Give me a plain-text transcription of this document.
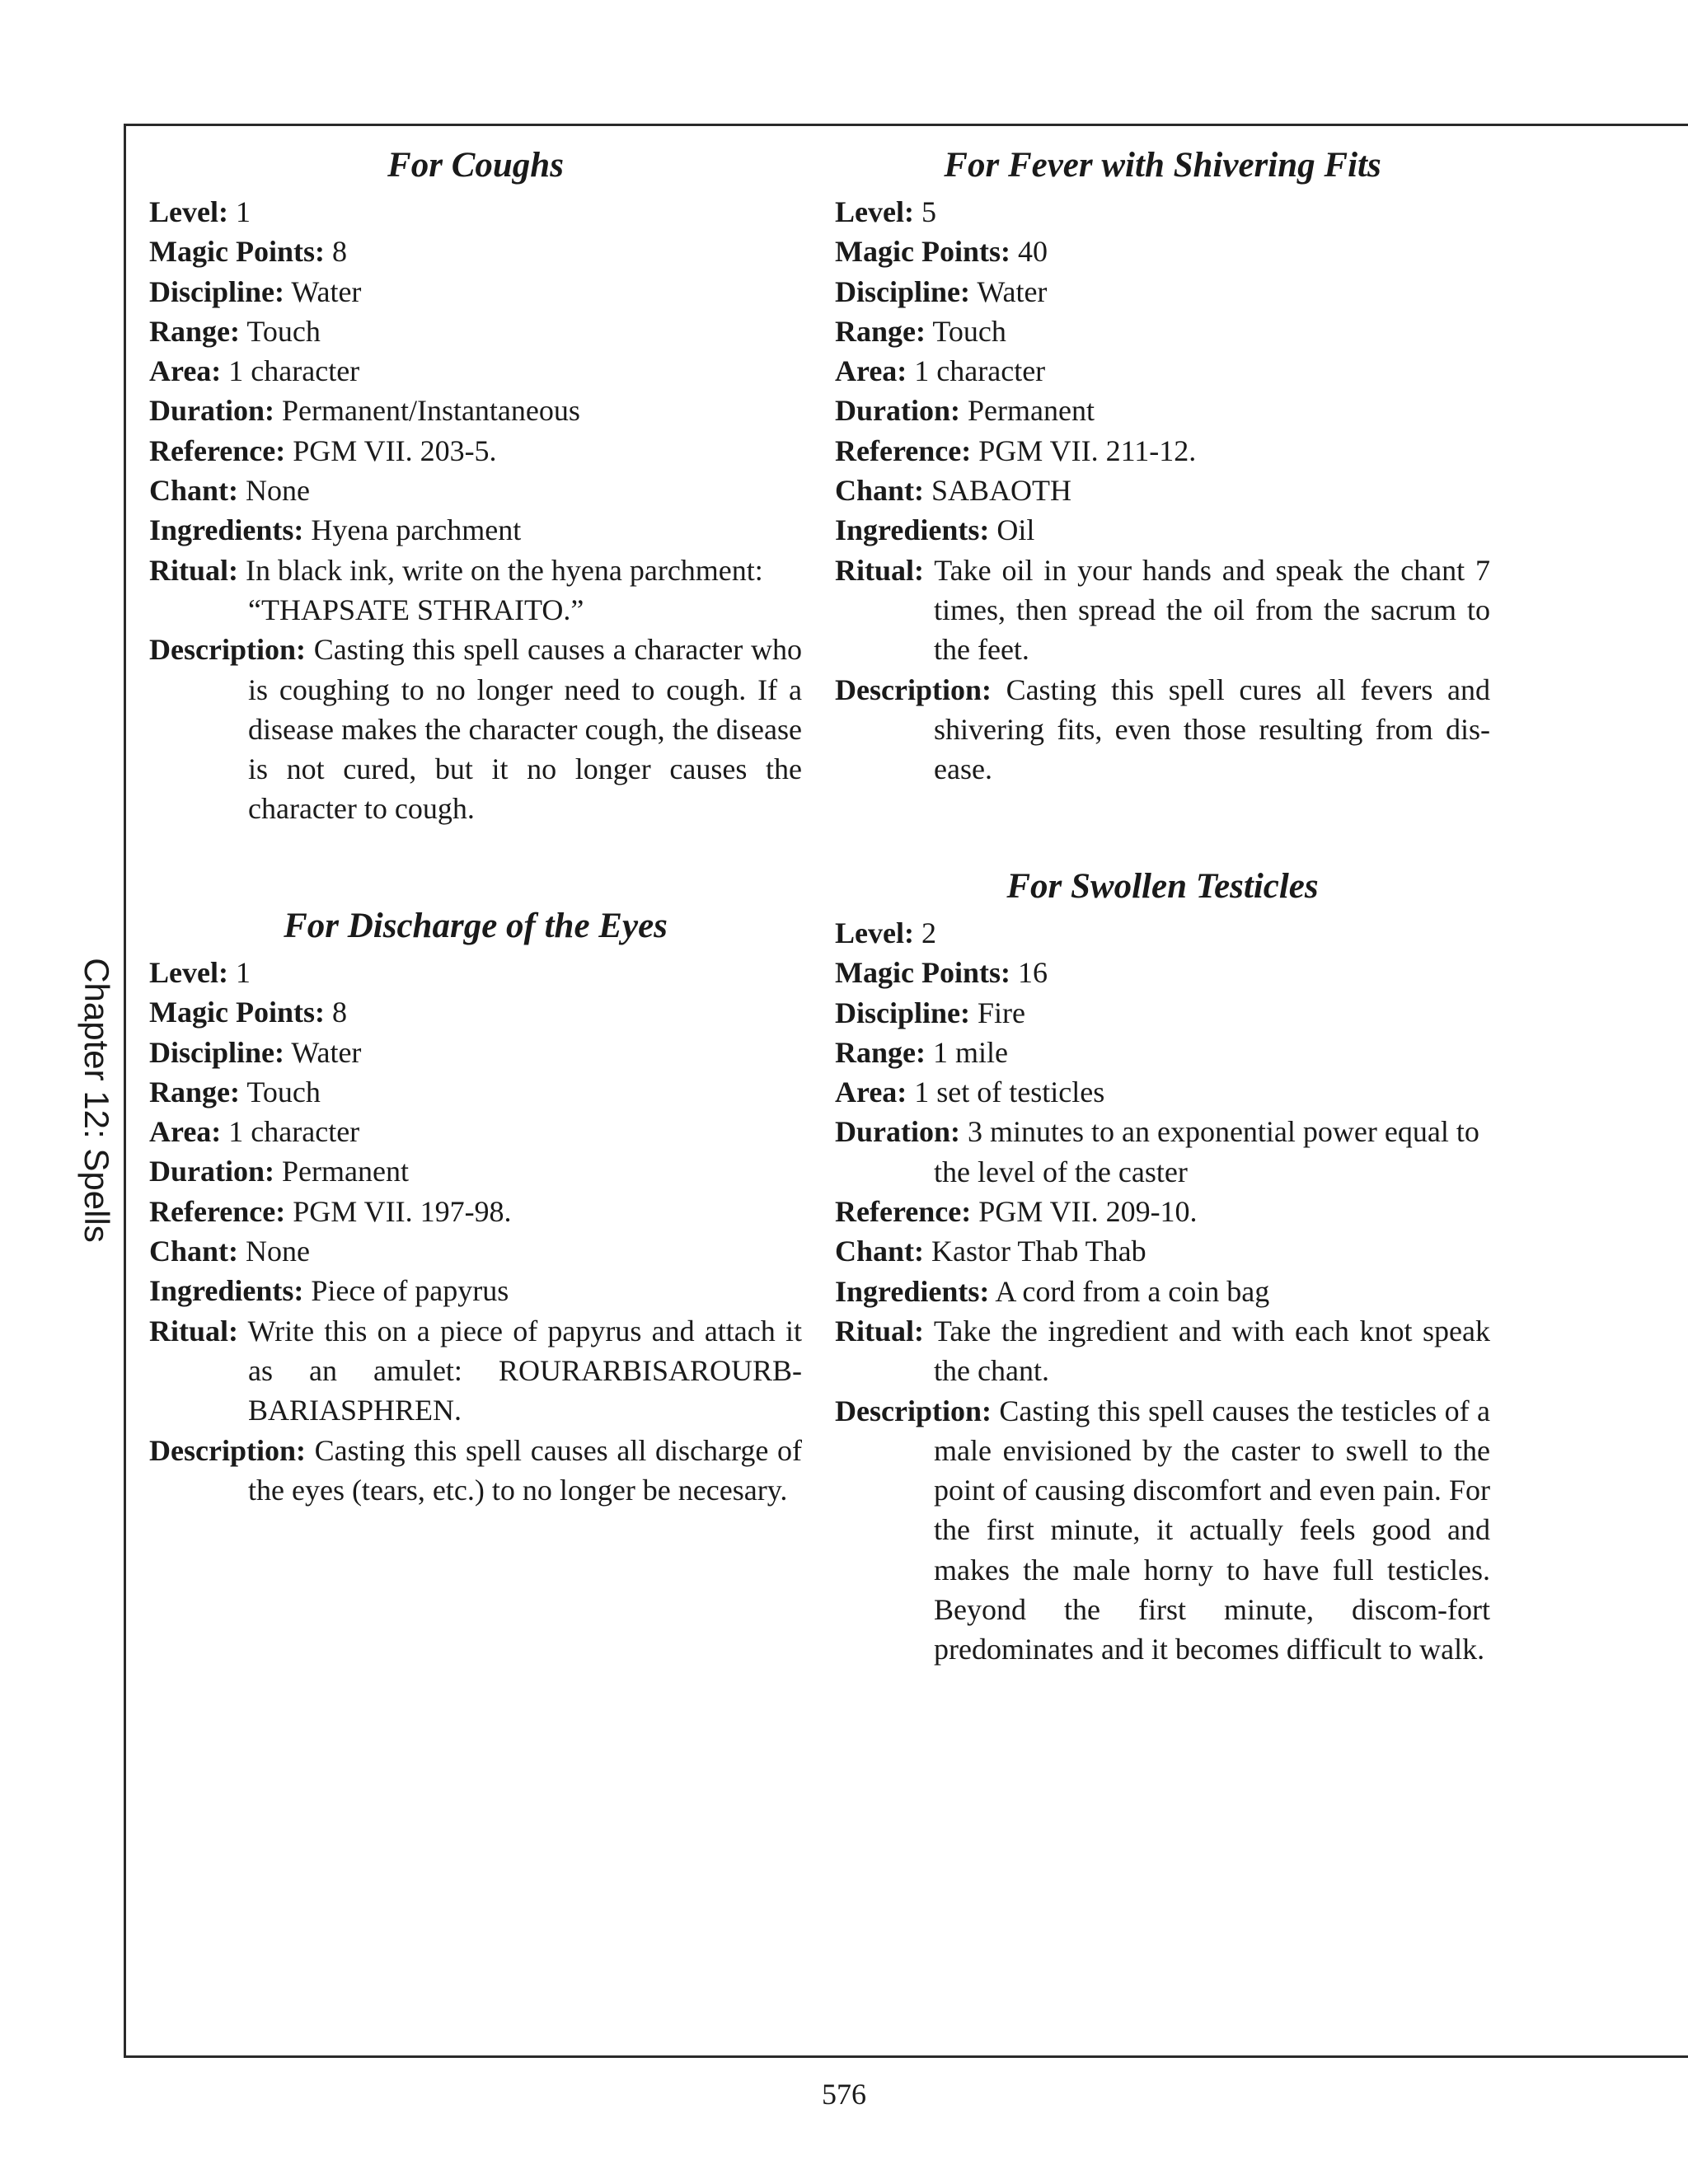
Chapter 12: Spells
For Coughs
Level: 1
Magic Points: 8
Discipline: Water
Range: Touch
Area: 1 character
Duration: Permanent/Instantaneous
Reference: PGM VII. 203-5.
Chant: None
Ingredients: Hyena parchment
Ritual: In black ink, write on the hyena parchment: “THAPSATE STHRAITO.”
Description: Casting this spell causes a character who is coughing to no longer need to cough. If a disease makes the character cough, the disease is not cured, but it no longer causes the character to cough.
For Discharge of the Eyes
Level: 1
Magic Points: 8
Discipline: Water
Range: Touch
Area: 1 character
Duration: Permanent
Reference: PGM VII. 197-98.
Chant: None
Ingredients: Piece of papyrus
Ritual: Write this on a piece of papyrus and attach it as an amulet: ROURARBISAROURB-BARIASPHREN.
Description: Casting this spell causes all discharge of the eyes (tears, etc.) to no longer be necesary.
For Fever with Shivering Fits
Level: 5
Magic Points: 40
Discipline: Water
Range: Touch
Area: 1 character
Duration: Permanent
Reference: PGM VII. 211-12.
Chant: SABAOTH
Ingredients: Oil
Ritual: Take oil in your hands and speak the chant 7 times, then spread the oil from the sacrum to the feet.
Description: Casting this spell cures all fevers and shivering fits, even those resulting from dis-ease.
For Swollen Testicles
Level: 2
Magic Points: 16
Discipline: Fire
Range: 1 mile
Area: 1 set of testicles
Duration: 3 minutes to an exponential power equal to the level of the caster
Reference: PGM VII. 209-10.
Chant: Kastor Thab Thab
Ingredients: A cord from a coin bag
Ritual: Take the ingredient and with each knot speak the chant.
Description: Casting this spell causes the testicles of a male envisioned by the caster to swell to the point of causing discomfort and even pain. For the first minute, it actually feels good and makes the male horny to have full testicles. Beyond the first minute, discom-fort predominates and it becomes difficult to walk.
576
